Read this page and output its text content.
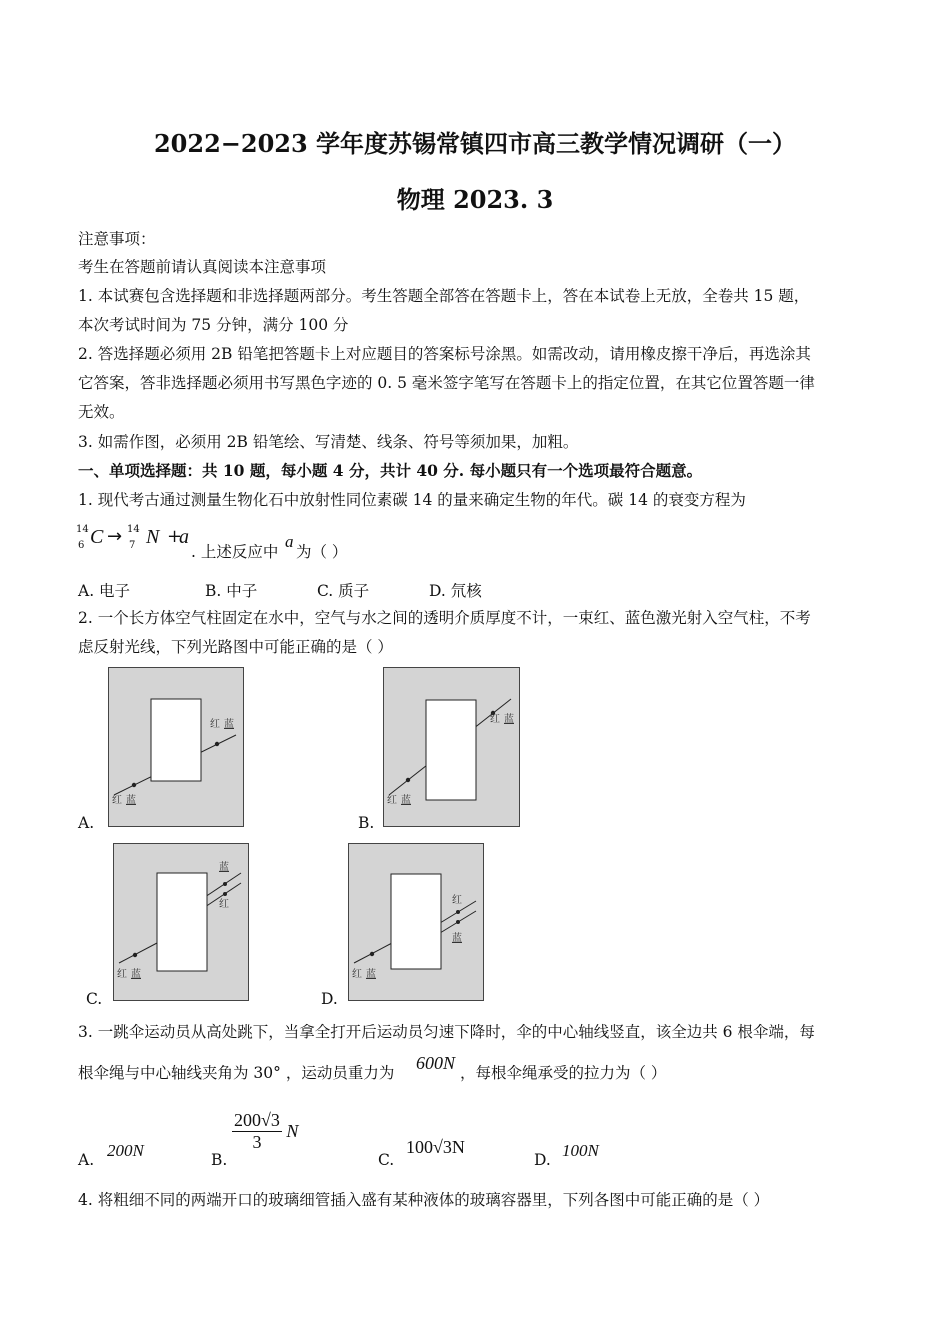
2022−2023 学年度苏锡常镇四市高三教学情况调研（一）
物理 2023. 3
注意事项：
考生在答题前请认真阅读本注意事项
1. 本试赛包含选择题和非选择题两部分。考生答题全部答在答题卡上，答在本试卷上无放，全卷共 15 题，
本次考试时间为 75 分钟，满分 100 分
2. 答选择题必须用 2B 铅笔把答题卡上对应题目的答案标号涂黑。如需改动，请用橡皮擦干净后，再选涂其
它答案，答非选择题必须用书写黑色字迹的 0. 5 毫米签字笔写在答题卡上的指定位置，在其它位置答题一律
无效。
3. 如需作图，必须用 2B 铅笔绘、写清楚、线条、符号等须加果，加粗。
一、单项选择题：共 10 题，每小题 4 分，共计 40 分. 每小题只有一个选项最符合题意。
1. 现代考古通过测量生物化石中放射性同位素碳 14 的量来确定生物的年代。碳 14 的衰变方程为
14
6 C → 14
7 N +
a
. 上述反应中
a
为（ ）
A. 电子	B. 中子	C. 质子	D. 氘核
2. 一个长方体空气柱固定在水中，空气与水之间的透明介质厚度不计，一束红、蓝色激光射入空气柱，不考
虑反射光线，下列光路图中可能正确的是（ ）
红 蓝
红 蓝
A.
红 蓝
红 蓝
B.
红 蓝
蓝
红
C.
红 蓝
红
蓝
D.
3. 一跳伞运动员从高处跳下，当拿全打开后运动员匀速下降时，伞的中心轴线竖直，该全边共 6 根伞端，每
根伞绳与中心轴线夹角为 30° ，运动员重力为 600N ，每根伞绳承受的拉力为（ ）
A. 200N	B.
$\frac{200√3}{3}$ N
C.
100√3N
D. 100N
4. 将粗细不同的两端开口的玻璃细管插入盛有某种液体的玻璃容器里，下列各图中可能正确的是（ ）
